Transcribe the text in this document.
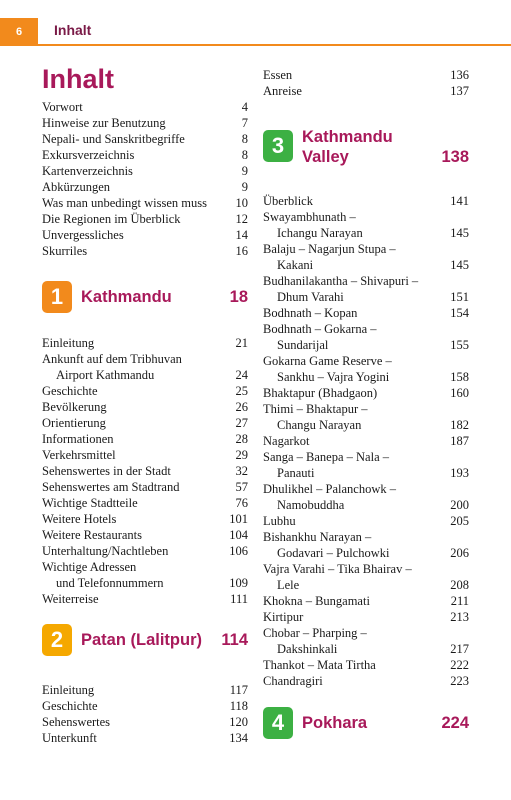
6	Inhalt
Inhalt
Vorwort	4
Hinweise zur Benutzung	7
Nepali- und Sanskritbegriffe	8
Exkursverzeichnis	8
Kartenverzeichnis	9
Abkürzungen	9
Was man unbedingt wissen muss 10
Die Regionen im Überblick	12
Unvergessliches	14
Skurriles	16
1	Kathmandu	18
Einleitung	21
Ankunft auf dem Tribhuvan
Airport Kathmandu	24
Geschichte	25
Bevölkerung	26
Orientierung	27
Informationen	28
Verkehrsmittel	29
Sehenswertes in der Stadt	32
Sehenswertes am Stadtrand	57
Wichtige Stadtteile	76
Weitere Hotels	101
Weitere Restaurants	104
Unterhaltung/Nachtleben	106
Wichtige Adressen
und Telefonnummern	109
Weiterreise	111
2	Patan (Lalitpur) 114
Einleitung	117
Geschichte	118
Sehenswertes	120
Unterkunft	134
Essen	136
Anreise	137
3	Kathmandu
Valley	138
Überblick	141
Swayambhunath –
Ichangu Narayan	145
Balaju – Nagarjun Stupa –
Kakani	145
Budhanilakantha – Shivapuri –
Dhum Varahi	151
Bodhnath – Kopan	154
Bodhnath – Gokarna –
Sundarijal	155
Gokarna Game Reserve –
Sankhu – Vajra Yogini	158
Bhaktapur (Bhadgaon)	160
Thimi – Bhaktapur –
Changu Narayan	182
Nagarkot	187
Sanga – Banepa – Nala –
Panauti	193
Dhulikhel – Palanchowk –
Namobuddha	200
Lubhu	205
Bishankhu Narayan –
Godavari – Pulchowki	206
Vajra Varahi – Tika Bhairav –
Lele	208
Khokna – Bungamati	211
Kirtipur	213
Chobar – Pharping –
Dakshinkali	217
Thankot – Mata Tirtha	222
Chandragiri	223
4	Pokhara	224
